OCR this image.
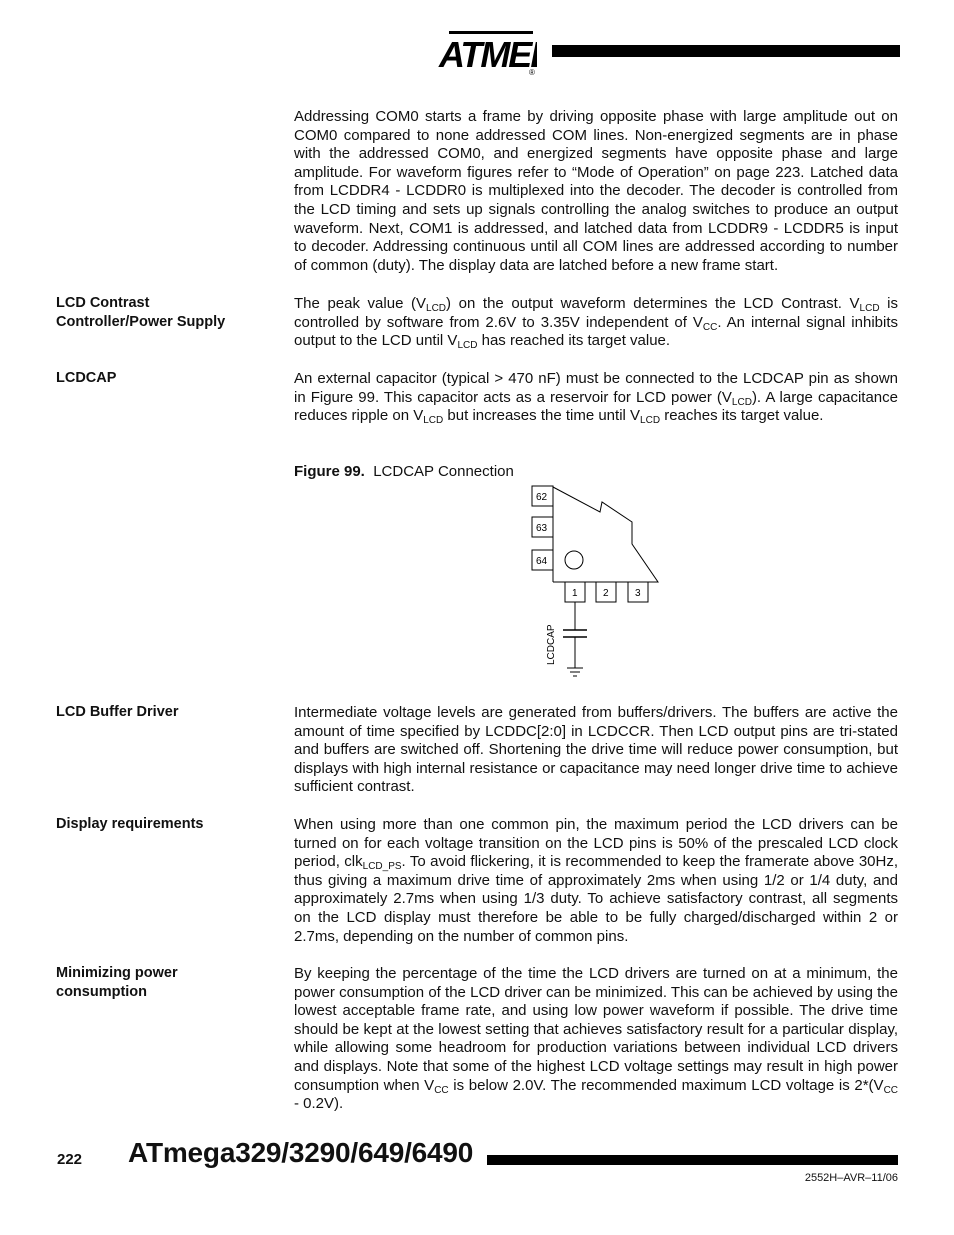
ATME
®
Addressing COM0 starts a frame by driving opposite phase with large amplitude out on COM0 compared to none addressed COM lines. Non-energized segments are in phase with the addressed COM0, and energized segments have opposite phase and large amplitude. For waveform figures refer to “Mode of Operation” on page 223. Latched data from LCDDR4 - LCDDR0 is multiplexed into the decoder. The decoder is controlled from the LCD timing and sets up signals controlling the analog switches to produce an output waveform. Next, COM1 is addressed, and latched data from LCDDR9 - LCDDR5 is input to decoder. Addressing continuous until all COM lines are addressed according to number of common (duty). The display data are latched before a new frame start.
LCD Contrast
Controller/Power Supply
The peak value $(V_{LCD})$ on the output waveform determines the LCD Contrast. $V_{LCD}$ is controlled by software from 2.6V to 3.35V independent of $V_{CC}$. An internal signal inhibits output to the LCD until $V_{LCD}$ has reached its target value.
LCDCAP	An external capacitor (typical > 470 nF) must be connected to the LCDCAP pin as shown in Figure 99. This capacitor acts as a reservoir for LCD power $(V_{LCD})$. A large capacitance reduces ripple on $V_{LCD}$ but increases the time until $V_{LCD}$ reaches its target value.
Figure 99. LCDCAP Connection
62
63
64
1	2	3
LCDCAP
LCD Buffer Driver	Intermediate voltage levels are generated from buffers/drivers. The buffers are active the amount of time specified by LCDDC[2:0] in LCDCCR. Then LCD output pins are tri-stated and buffers are switched off. Shortening the drive time will reduce power consumption, but displays with high internal resistance or capacitance may need longer drive time to achieve sufficient contrast.
Display requirements	When using more than one common pin, the maximum period the LCD drivers can be turned on for each voltage transition on the LCD pins is 50% of the prescaled LCD clock period, clk$_{LCD\_PS}$. To avoid flickering, it is recommended to keep the framerate above 30Hz, thus giving a maximum drive time of approximately 2ms when using 1/2 or 1/4 duty, and approximately 2.7ms when using 1/3 duty. To achieve satisfactory contrast, all segments on the LCD display must therefore be able to be fully charged/discharged within 2 or 2.7ms, depending on the number of common pins.
Minimizing power
consumption
By keeping the percentage of the time the LCD drivers are turned on at a minimum, the power consumption of the LCD driver can be minimized. This can be achieved by using the lowest acceptable frame rate, and using low power waveform if possible. The drive time should be kept at the lowest setting that achieves satisfactory result for a particular display, while allowing some headroom for production variations between individual LCD drivers and displays. Note that some of the highest LCD voltage settings may result in high power consumption when $V_{CC}$ is below 2.0V. The recommended maximum LCD voltage is $2*(V_{CC} - 0.2V)$.
222 ATmega329/3290/649/6490
2552H–AVR–11/06
